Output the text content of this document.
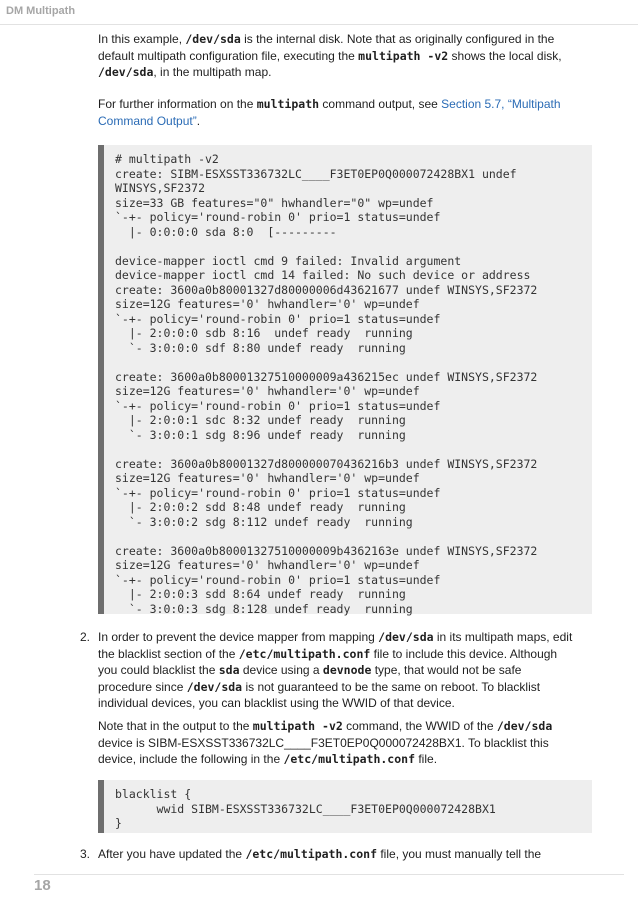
DM Multipath

In this example, /dev/sda is the internal disk. Note that as originally configured in the default multipath configuration file, executing the multipath -v2 shows the local disk, /dev/sda, in the multipath map.

For further information on the multipath command output, see Section 5.7, “Multipath Command Output”.

# multipath -v2
create: SIBM-ESXSST336732LC____F3ET0EP0Q000072428BX1 undef
WINSYS,SF2372
size=33 GB features="0" hwhandler="0" wp=undef
`-+- policy='round-robin 0' prio=1 status=undef
|- 0:0:0:0 sda 8:0  [---------

device-mapper ioctl cmd 9 failed: Invalid argument
device-mapper ioctl cmd 14 failed: No such device or address
create: 3600a0b80001327d80000006d43621677 undef WINSYS,SF2372
size=12G features='0' hwhandler='0' wp=undef
`-+- policy='round-robin 0' prio=1 status=undef
|- 2:0:0:0 sdb 8:16  undef ready  running
`- 3:0:0:0 sdf 8:80 undef ready  running

create: 3600a0b80001327510000009a436215ec undef WINSYS,SF2372
size=12G features='0' hwhandler='0' wp=undef
`-+- policy='round-robin 0' prio=1 status=undef
|- 2:0:0:1 sdc 8:32 undef ready  running
`- 3:0:0:1 sdg 8:96 undef ready  running

create: 3600a0b80001327d800000070436216b3 undef WINSYS,SF2372
size=12G features='0' hwhandler='0' wp=undef
`-+- policy='round-robin 0' prio=1 status=undef
|- 2:0:0:2 sdd 8:48 undef ready  running
`- 3:0:0:2 sdg 8:112 undef ready  running

create: 3600a0b80001327510000009b4362163e undef WINSYS,SF2372
size=12G features='0' hwhandler='0' wp=undef
`-+- policy='round-robin 0' prio=1 status=undef
|- 2:0:0:3 sdd 8:64 undef ready  running
`- 3:0:0:3 sdg 8:128 undef ready  running
2. In order to prevent the device mapper from mapping /dev/sda in its multipath maps, edit the blacklist section of the /etc/multipath.conf file to include this device. Although you could blacklist the sda device using a devnode type, that would not be safe procedure since /dev/sda is not guaranteed to be the same on reboot. To blacklist individual devices, you can blacklist using the WWID of that device.

Note that in the output to the multipath -v2 command, the WWID of the /dev/sda device is SIBM-ESXSST336732LC____F3ET0EP0Q000072428BX1. To blacklist this device, include the following in the /etc/multipath.conf file.

blacklist {
wwid SIBM-ESXSST336732LC____F3ET0EP0Q000072428BX1
}
3. After you have updated the /etc/multipath.conf file, you must manually tell the

18
